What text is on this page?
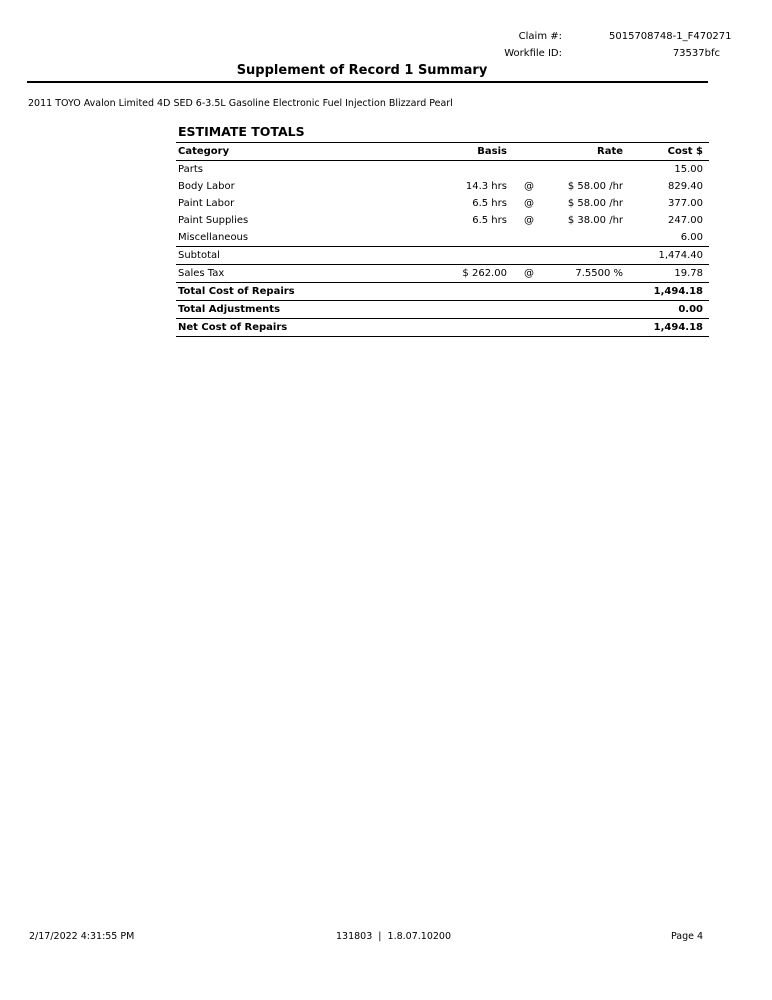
Claim #:	5015708748-1_F470271
Workfile ID:	73537bfc
Supplement of Record 1 Summary
2011 TOYO Avalon Limited 4D SED 6-3.5L Gasoline Electronic Fuel Injection Blizzard Pearl
ESTIMATE TOTALS
Category	Basis		Rate	Cost $
Parts				15.00
Body Labor	14.3 hrs	@	$ 58.00 /hr	829.40
Paint Labor	6.5 hrs	@	$ 58.00 /hr	377.00
Paint Supplies	6.5 hrs	@	$ 38.00 /hr	247.00
Miscellaneous				6.00
Subtotal				1,474.40
Sales Tax	$ 262.00	@	7.5500 %	19.78
Total Cost of Repairs				1,494.18
Total Adjustments				0.00
Net Cost of Repairs				1,494.18
2/17/2022 4:31:55 PM	131803  |  1.8.07.10200	Page 4
